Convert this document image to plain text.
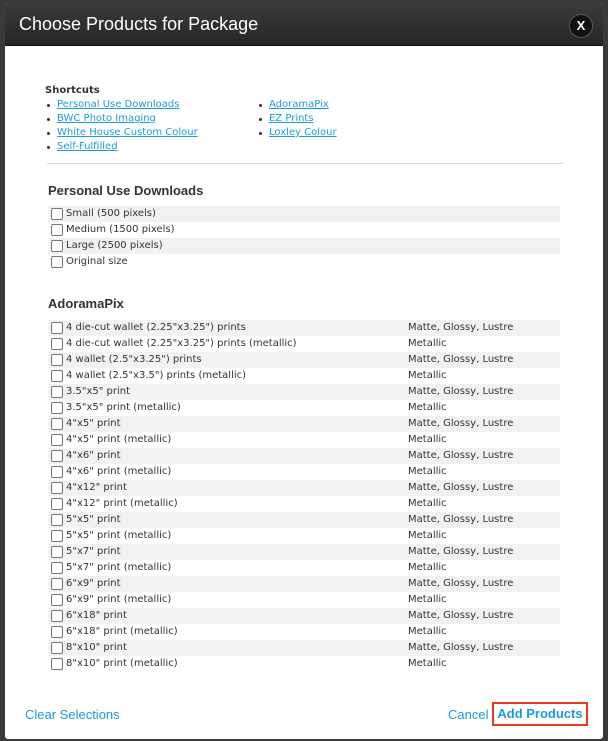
Choose Products for Package	X
Shortcuts
Personal Use Downloads
BWC Photo Imaging
White House Custom Colour
Self-Fulfilled
AdoramaPix
EZ Prints
Loxley Colour
Personal Use Downloads
Small (500 pixels)
Medium (1500 pixels)
Large (2500 pixels)
Original size
AdoramaPix
4 die-cut wallet (2.25"x3.25") prints	Matte, Glossy, Lustre
4 die-cut wallet (2.25"x3.25") prints (metallic)	Metallic
4 wallet (2.5"x3.25") prints	Matte, Glossy, Lustre
4 wallet (2.5"x3.5") prints (metallic)	Metallic
3.5"x5" print	Matte, Glossy, Lustre
3.5"x5" print (metallic)	Metallic
4"x5" print	Matte, Glossy, Lustre
4"x5" print (metallic)	Metallic
4"x6" print	Matte, Glossy, Lustre
4"x6" print (metallic)	Metallic
4"x12" print	Matte, Glossy, Lustre
4"x12" print (metallic)	Metallic
5"x5" print	Matte, Glossy, Lustre
5"x5" print (metallic)	Metallic
5"x7" print	Matte, Glossy, Lustre
5"x7" print (metallic)	Metallic
6"x9" print	Matte, Glossy, Lustre
6"x9" print (metallic)	Metallic
6"x18" print	Matte, Glossy, Lustre
6"x18" print (metallic)	Metallic
8"x10" print	Matte, Glossy, Lustre
8"x10" print (metallic)	Metallic
Clear Selections	Cancel Add Products
